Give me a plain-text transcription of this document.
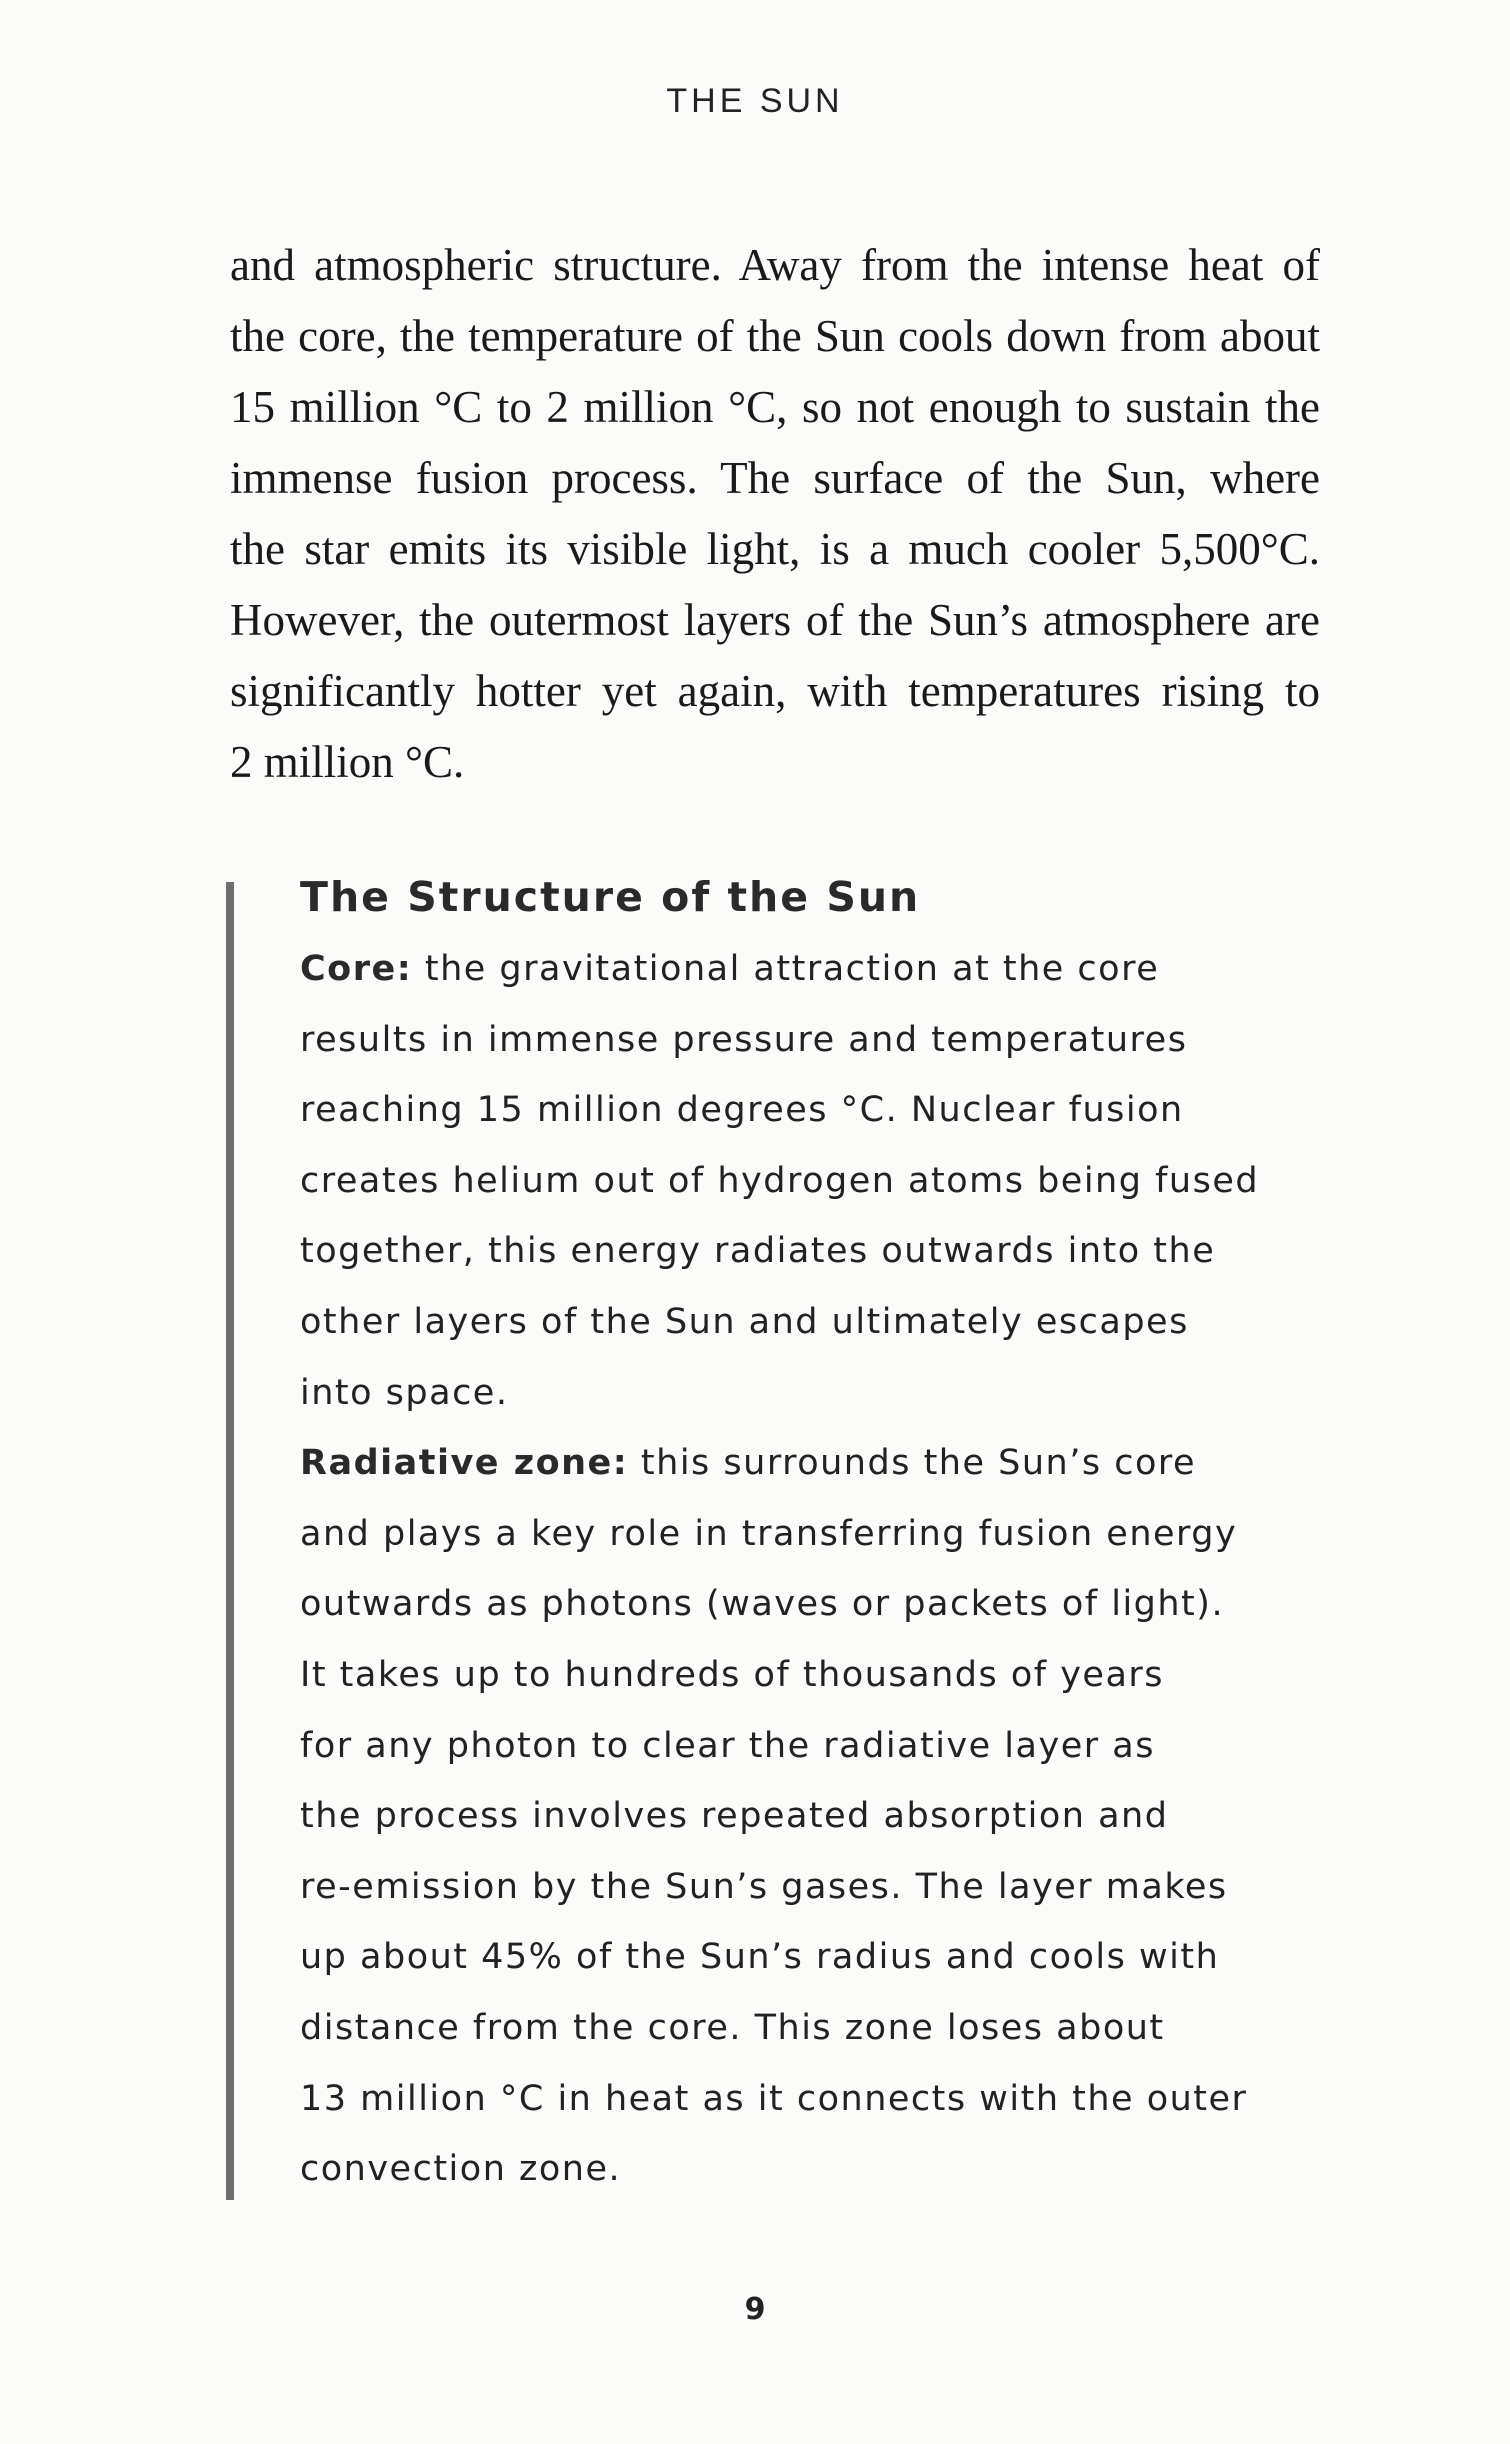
THE SUN
and atmospheric structure. Away from the intense heat of
the core, the temperature of the Sun cools down from about
15 million °C to 2 million °C, so not enough to sustain the
immense fusion process. The surface of the Sun, where
the star emits its visible light, is a much cooler 5,500°C.
However, the outermost layers of the Sun’s atmosphere are
significantly hotter yet again, with temperatures rising to
2 million °C.
The Structure of the Sun

Core: the gravitational attraction at the core
results in immense pressure and temperatures
reaching 15 million degrees °C. Nuclear fusion
creates helium out of hydrogen atoms being fused
together, this energy radiates outwards into the
other layers of the Sun and ultimately escapes
into space.

Radiative zone: this surrounds the Sun’s core
and plays a key role in transferring fusion energy
outwards as photons (waves or packets of light).
It takes up to hundreds of thousands of years
for any photon to clear the radiative layer as
the process involves repeated absorption and
re-emission by the Sun’s gases. The layer makes
up about 45% of the Sun’s radius and cools with
distance from the core. This zone loses about
13 million °C in heat as it connects with the outer
convection zone.

9
